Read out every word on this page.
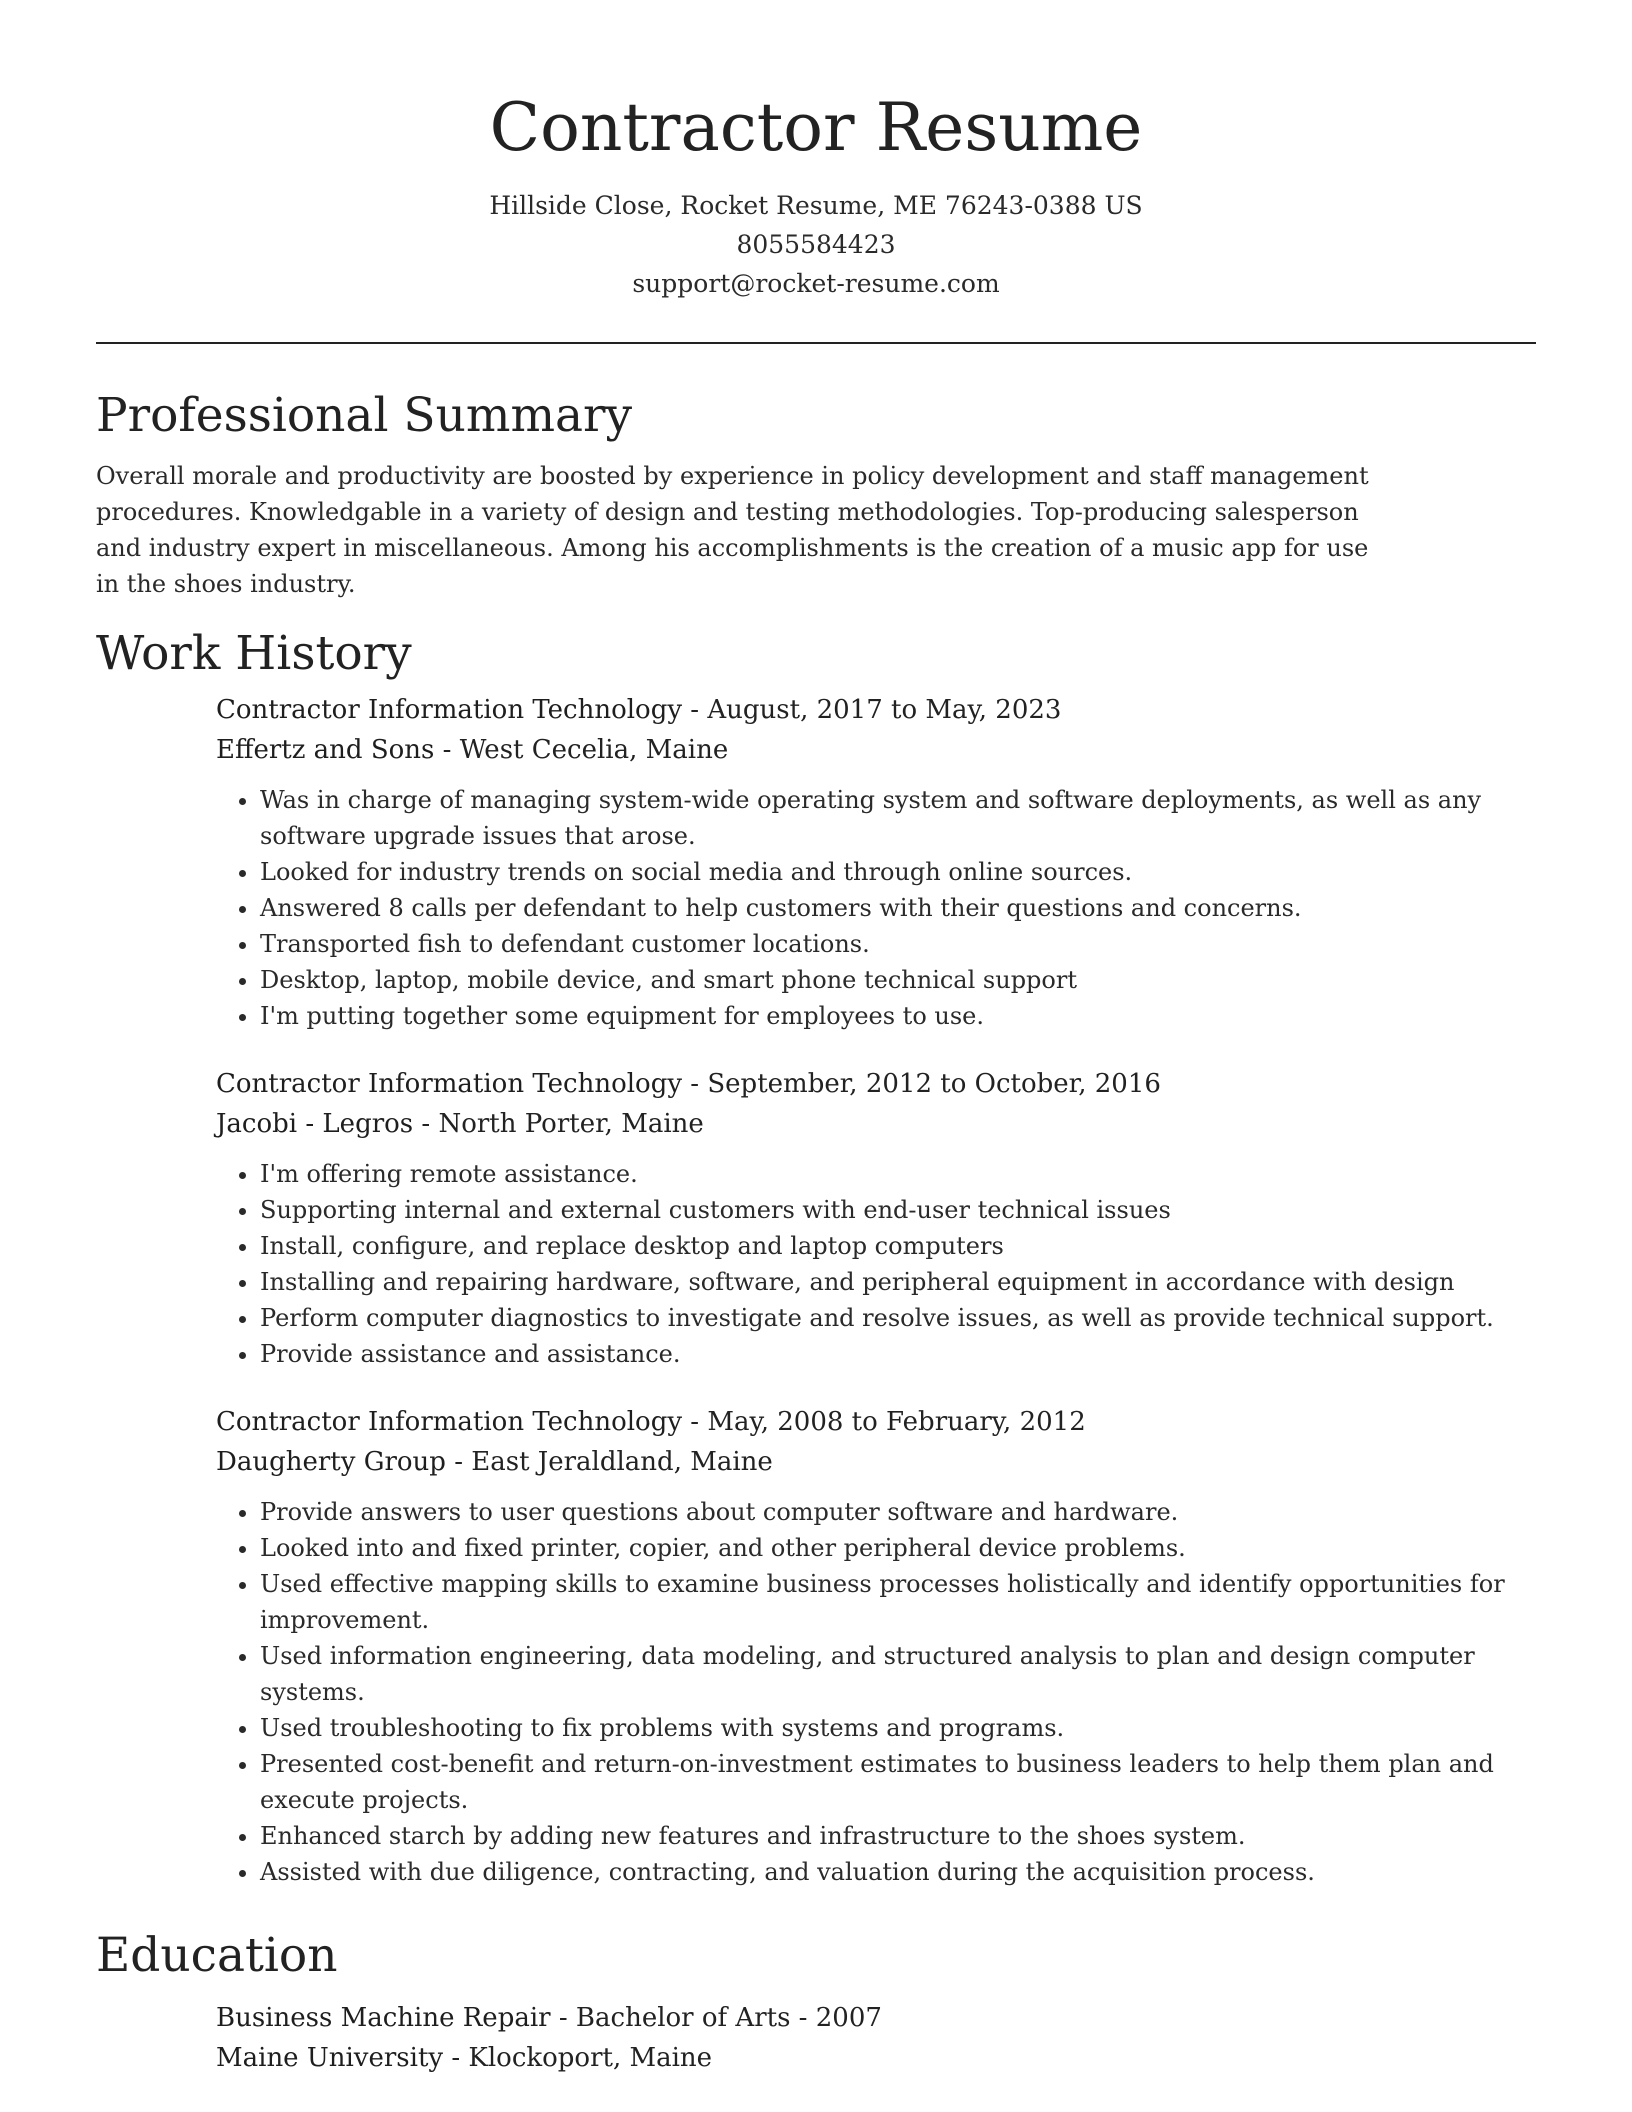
Contractor Resume
Hillside Close, Rocket Resume, ME 76243-0388 US
8055584423
support@rocket-resume.com
Professional Summary

Overall morale and productivity are boosted by experience in policy development and staff management procedures. Knowledgable in a variety of design and testing methodologies. Top-producing salesperson and industry expert in miscellaneous. Among his accomplishments is the creation of a music app for use in the shoes industry.

Work History
Contractor Information Technology - August, 2017 to May, 2023
Effertz and Sons - West Cecelia, Maine
• Was in charge of managing system-wide operating system and software deployments, as well as any software upgrade issues that arose.
• Looked for industry trends on social media and through online sources.
• Answered 8 calls per defendant to help customers with their questions and concerns.
• Transported fish to defendant customer locations.
• Desktop, laptop, mobile device, and smart phone technical support
• I'm putting together some equipment for employees to use.
Contractor Information Technology - September, 2012 to October, 2016
Jacobi - Legros - North Porter, Maine
• I'm offering remote assistance.
• Supporting internal and external customers with end-user technical issues
• Install, configure, and replace desktop and laptop computers
• Installing and repairing hardware, software, and peripheral equipment in accordance with design
• Perform computer diagnostics to investigate and resolve issues, as well as provide technical support.
• Provide assistance and assistance.
Contractor Information Technology - May, 2008 to February, 2012
Daugherty Group - East Jeraldland, Maine
• Provide answers to user questions about computer software and hardware.
• Looked into and fixed printer, copier, and other peripheral device problems.
• Used effective mapping skills to examine business processes holistically and identify opportunities for improvement.
• Used information engineering, data modeling, and structured analysis to plan and design computer systems.
• Used troubleshooting to fix problems with systems and programs.
• Presented cost-benefit and return-on-investment estimates to business leaders to help them plan and execute projects.
• Enhanced starch by adding new features and infrastructure to the shoes system.
• Assisted with due diligence, contracting, and valuation during the acquisition process.
Education
Business Machine Repair - Bachelor of Arts - 2007
Maine University - Klockoport, Maine
